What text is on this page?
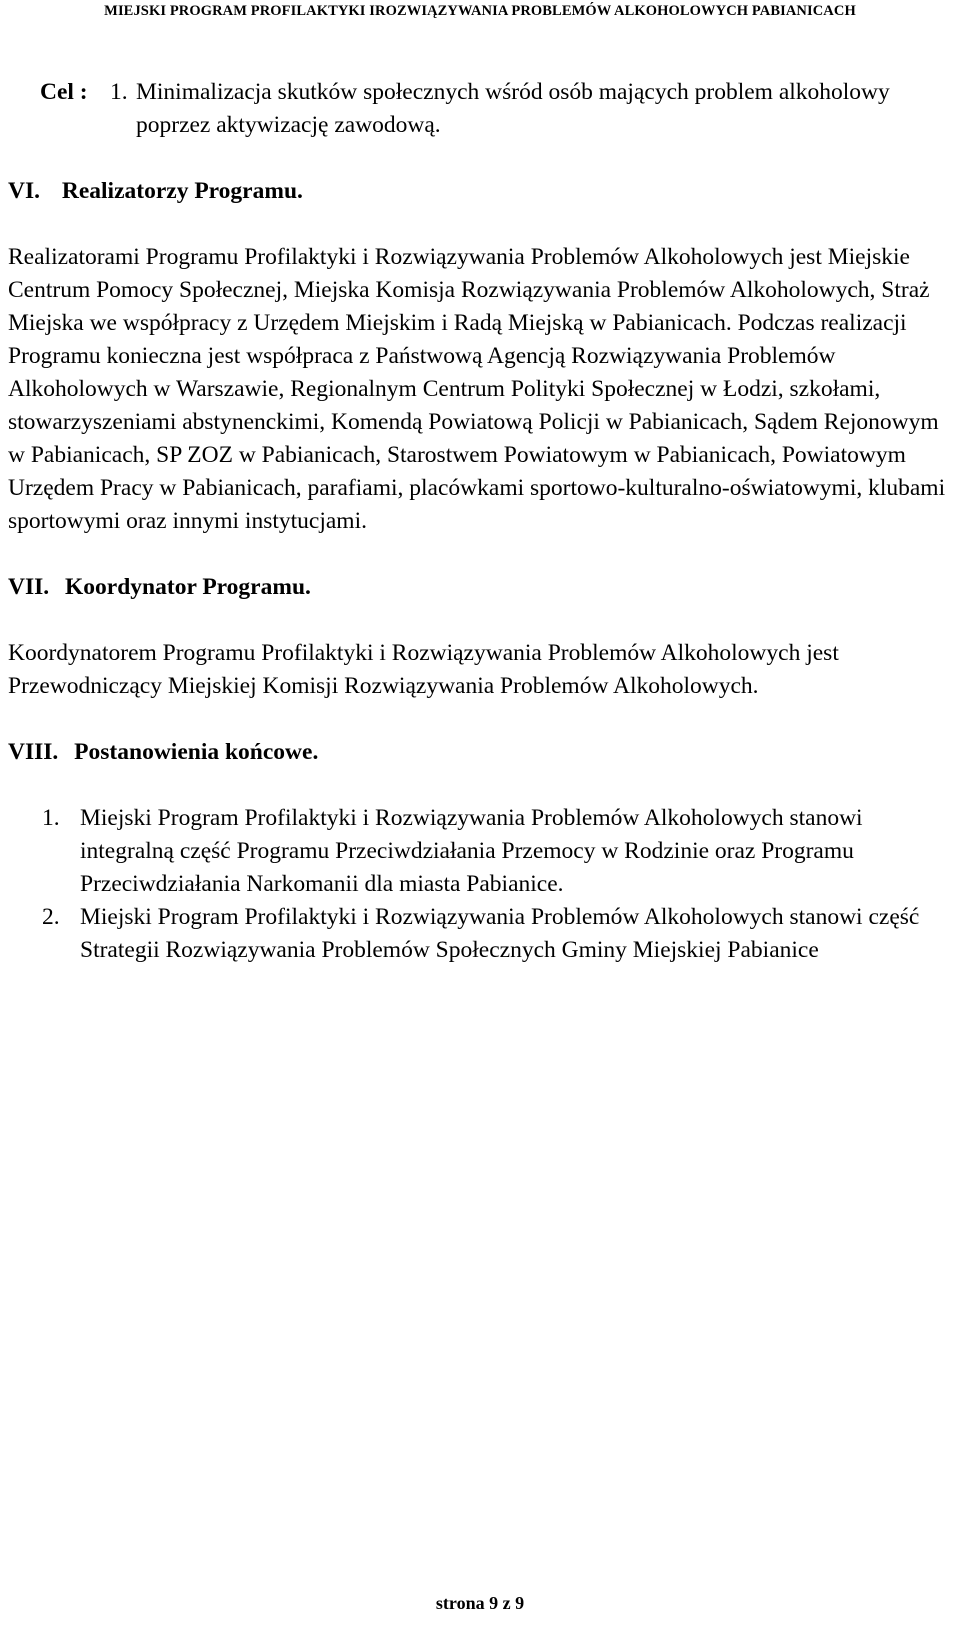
MIEJSKI PROGRAM PROFILAKTYKI IROZWIĄZYWANIA PROBLEMÓW ALKOHOLOWYCH PABIANICACH
Cel : 1. Minimalizacja skutków społecznych wśród osób mających problem alkoholowy poprzez aktywizację zawodową.
VI. Realizatorzy Programu.

Realizatorami Programu Profilaktyki i Rozwiązywania Problemów Alkoholowych jest Miejskie Centrum Pomocy Społecznej, Miejska Komisja Rozwiązywania Problemów Alkoholowych, Straż Miejska we współpracy z Urzędem Miejskim i Radą Miejską w Pabianicach. Podczas realizacji Programu konieczna jest współpraca z Państwową Agencją Rozwiązywania Problemów Alkoholowych w Warszawie, Regionalnym Centrum Polityki Społecznej w Łodzi, szkołami, stowarzyszeniami abstynenckimi, Komendą Powiatową Policji w Pabianicach, Sądem Rejonowym w Pabianicach, SP ZOZ w Pabianicach, Starostwem Powiatowym w Pabianicach, Powiatowym Urzędem Pracy w Pabianicach, parafiami, placówkami sportowo-kulturalno-oświatowymi, klubami sportowymi oraz innymi instytucjami.

VII. Koordynator Programu.

Koordynatorem Programu Profilaktyki i Rozwiązywania Problemów Alkoholowych jest Przewodniczący Miejskiej Komisji Rozwiązywania Problemów Alkoholowych.

VIII. Postanowienia końcowe.
1. Miejski Program Profilaktyki i Rozwiązywania Problemów Alkoholowych stanowi integralną część Programu Przeciwdziałania Przemocy w Rodzinie oraz Programu Przeciwdziałania Narkomanii dla miasta Pabianice.
2. Miejski Program Profilaktyki i Rozwiązywania Problemów Alkoholowych stanowi część Strategii Rozwiązywania Problemów Społecznych Gminy Miejskiej Pabianice
strona 9 z 9
